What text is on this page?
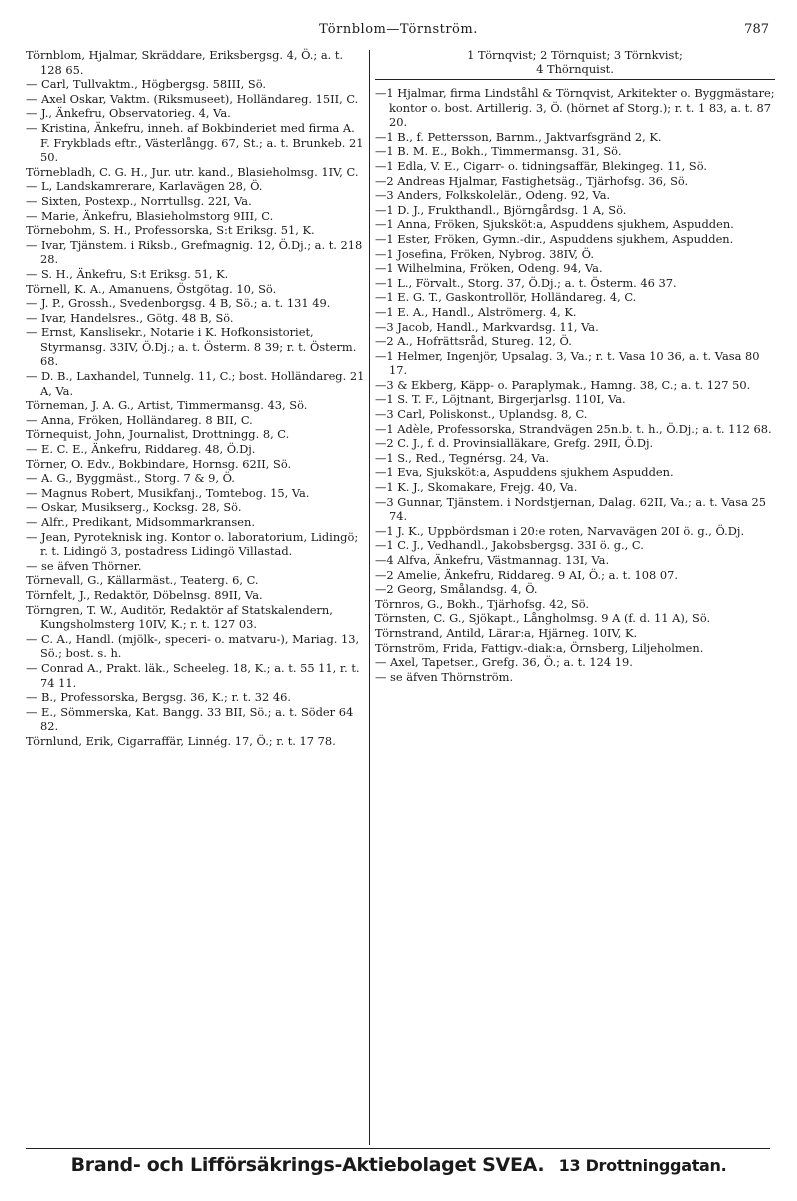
Törnblom—Törnström.	787

Törnblom, Hjalmar, Skräddare, Eriksbergsg. 4, Ö.; a. t. 128 65.

— Carl, Tullvaktm., Högbergsg. 58III, Sö.

— Axel Oskar, Vaktm. (Riksmuseet), Holländareg. 15II, C.

— J., Änkefru, Observatorieg. 4, Va.

— Kristina, Änkefru, inneh. af Bokbinderiet med firma A. F. Frykblads eftr., Västerlångg. 67, St.; a. t. Brunkeb. 21 50.

Törnebladh, C. G. H., Jur. utr. kand., Blasieholmsg. 1IV, C.

— L, Landskamrerare, Karlavägen 28, Ö.

— Sixten, Postexp., Norrtullsg. 22I, Va.

— Marie, Änkefru, Blasieholmstorg 9III, C.

Törnebohm, S. H., Professorska, S:t Eriksg. 51, K.

— Ivar, Tjänstem. i Riksb., Grefmagnig. 12, Ö.Dj.; a. t. 218 28.

— S. H., Änkefru, S:t Eriksg. 51, K.

Törnell, K. A., Amanuens, Östgötag. 10, Sö.

— J. P., Grossh., Svedenborgsg. 4 B, Sö.; a. t. 131 49.

— Ivar, Handelsres., Götg. 48 B, Sö.

— Ernst, Kanslisekr., Notarie i K. Hofkonsistoriet, Styrmansg. 33IV, Ö.Dj.; a. t. Österm. 8 39; r. t. Österm. 68.

— D. B., Laxhandel, Tunnelg. 11, C.; bost. Holländareg. 21 A, Va.

Törneman, J. A. G., Artist, Timmermansg. 43, Sö.

— Anna, Fröken, Holländareg. 8 BII, C.

Törnequist, John, Journalist, Drottningg. 8, C.

— E. C. E., Änkefru, Riddareg. 48, Ö.Dj.

Törner, O. Edv., Bokbindare, Hornsg. 62II, Sö.

— A. G., Byggmäst., Storg. 7 & 9, Ö.

— Magnus Robert, Musikfanj., Tomtebog. 15, Va.

— Oskar, Musikserg., Kocksg. 28, Sö.

— Alfr., Predikant, Midsommarkransen.

— Jean, Pyroteknisk ing. Kontor o. laboratorium, Lidingö; r. t. Lidingö 3, postadress Lidingö Villastad.

— se äfven Thörner.

Törnevall, G., Källarmäst., Teaterg. 6, C.

Törnfelt, J., Redaktör, Döbelnsg. 89II, Va.

Törngren, T. W., Auditör, Redaktör af Statskalendern, Kungsholmsterg 10IV, K.; r. t. 127 03.

— C. A., Handl. (mjölk-, speceri- o. matvaru-), Mariag. 13, Sö.; bost. s. h.

— Conrad A., Prakt. läk., Scheeleg. 18, K.; a. t. 55 11, r. t. 74 11.

— B., Professorska, Bergsg. 36, K.; r. t. 32 46.

— E., Sömmerska, Kat. Bangg. 33 BII, Sö.; a. t. Söder 64 82.

Törnlund, Erik, Cigarraffär, Linnég. 17, Ö.; r. t. 17 78.

1 Törnqvist; 2 Törnquist; 3 Törnkvist;
4 Thörnquist.

—1 Hjalmar, firma Lindståhl & Törnqvist, Arkitekter o. Byggmästare; kontor o. bost. Artillerig. 3, Ö. (hörnet af Storg.); r. t. 1 83, a. t. 87 20.

—1 B., f. Pettersson, Barnm., Jaktvarfsgränd 2, K.

—1 B. M. E., Bokh., Timmermansg. 31, Sö.

—1 Edla, V. E., Cigarr- o. tidningsaffär, Blekingeg. 11, Sö.

—2 Andreas Hjalmar, Fastighetsäg., Tjärhofsg. 36, Sö.

—3 Anders, Folkskolelär., Odeng. 92, Va.

—1 D. J., Frukthandl., Björngårdsg. 1 A, Sö.

—1 Anna, Fröken, Sjukskötːa, Aspuddens sjukhem, Aspudden.

—1 Ester, Fröken, Gymn.-dir., Aspuddens sjukhem, Aspudden.

—1 Josefina, Fröken, Nybrog. 38IV, Ö.

—1 Wilhelmina, Fröken, Odeng. 94, Va.

—1 L., Förvalt., Storg. 37, Ö.Dj.; a. t. Österm. 46 37.

—1 E. G. T., Gaskontrollör, Holländareg. 4, C.

—1 E. A., Handl., Alströmerg. 4, K.

—3 Jacob, Handl., Markvardsg. 11, Va.

—2 A., Hofrättsråd, Stureg. 12, Ö.

—1 Helmer, Ingenjör, Upsalag. 3, Va.; r. t. Vasa 10 36, a. t. Vasa 80 17.

—3 & Ekberg, Käpp- o. Paraplymak., Hamng. 38, C.; a. t. 127 50.

—1 S. T. F., Löjtnant, Birgerjarlsg. 110I, Va.

—3 Carl, Poliskonst., Uplandsg. 8, C.

—1 Adèle, Professorska, Strandvägen 25n.b. t. h., Ö.Dj.; a. t. 112 68.

—2 C. J., f. d. Provinsialläkare, Grefg. 29II, Ö.Dj.

—1 S., Red., Tegnérsg. 24, Va.

—1 Eva, Sjukskötːa, Aspuddens sjukhem Aspudden.

—1 K. J., Skomakare, Frejg. 40, Va.

—3 Gunnar, Tjänstem. i Nordstjernan, Dalag. 62II, Va.; a. t. Vasa 25 74.

—1 J. K., Uppbördsman i 20:e roten, Narvavägen 20I ö. g., Ö.Dj.

—1 C. J., Vedhandl., Jakobsbergsg. 33I ö. g., C.

—4 Alfva, Änkefru, Västmannag. 13I, Va.

—2 Amelie, Änkefru, Riddareg. 9 AI, Ö.; a. t. 108 07.

—2 Georg, Smålandsg. 4, Ö.

Törnros, G., Bokh., Tjärhofsg. 42, Sö.

Törnsten, C. G., Sjökapt., Långholmsg. 9 A (f. d. 11 A), Sö.

Törnstrand, Antild, Lärar:a, Hjärneg. 10IV, K.

Törnström, Frida, Fattigv.-diak:a, Örnsberg, Liljeholmen.

— Axel, Tapetser., Grefg. 36, Ö.; a. t. 124 19.

— se äfven Thörnström.

Brand- och Lifförsäkrings-Aktiebolaget SVEA. 13 Drottninggatan.
